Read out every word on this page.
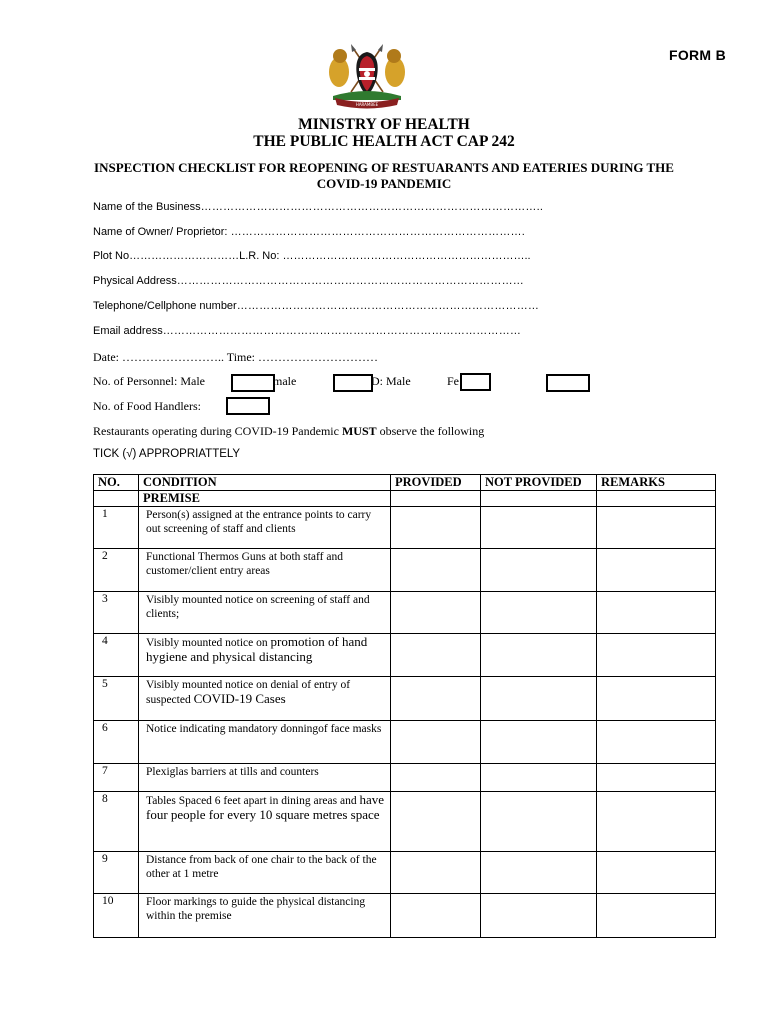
FORM B
HARAMBEE
MINISTRY OF HEALTH
THE PUBLIC HEALTH ACT CAP 242
INSPECTION CHECKLIST FOR REOPENING OF RESTUARANTS AND EATERIES DURING THE
COVID-19 PANDEMIC
Name of the Business………………………………………………………………………………..
Name of Owner/ Proprietor: …………………………………………………………………….
Plot No…………………………L.R. No: …………………………………………………………..
Physical Address…………………………………………………………………………………
Telephone/Cellphone number………………………………………………………………………
Email address……………………………………………………………………………………
Date: …………………….. Time: …………………………
No. of Personnel: Male	male	D: Male	Fe
No. of Food Handlers:
Restaurants operating during COVID-19 Pandemic MUST observe the following
TICK (√) APPROPRIATTELY
NO.	CONDITION	PROVIDED	NOT PROVIDED	REMARKS
	PREMISE			
1	Person(s) assigned at the entrance points to carry out screening of staff and clients			
2	Functional Thermos Guns at both staff and customer/client entry areas			
3	Visibly mounted notice on screening of staff and clients;			
4	Visibly mounted notice on promotion of hand hygiene and physical distancing			
5	Visibly mounted notice on denial of entry of suspected COVID-19 Cases			
6	Notice indicating mandatory donningof face masks			
7	Plexiglas barriers at tills and counters			
8	Tables Spaced 6 feet apart in dining areas and have four people for every 10 square metres space			
9	Distance from back of one chair to the back of the other at 1 metre			
10	Floor markings to guide the physical distancing within the premise			
